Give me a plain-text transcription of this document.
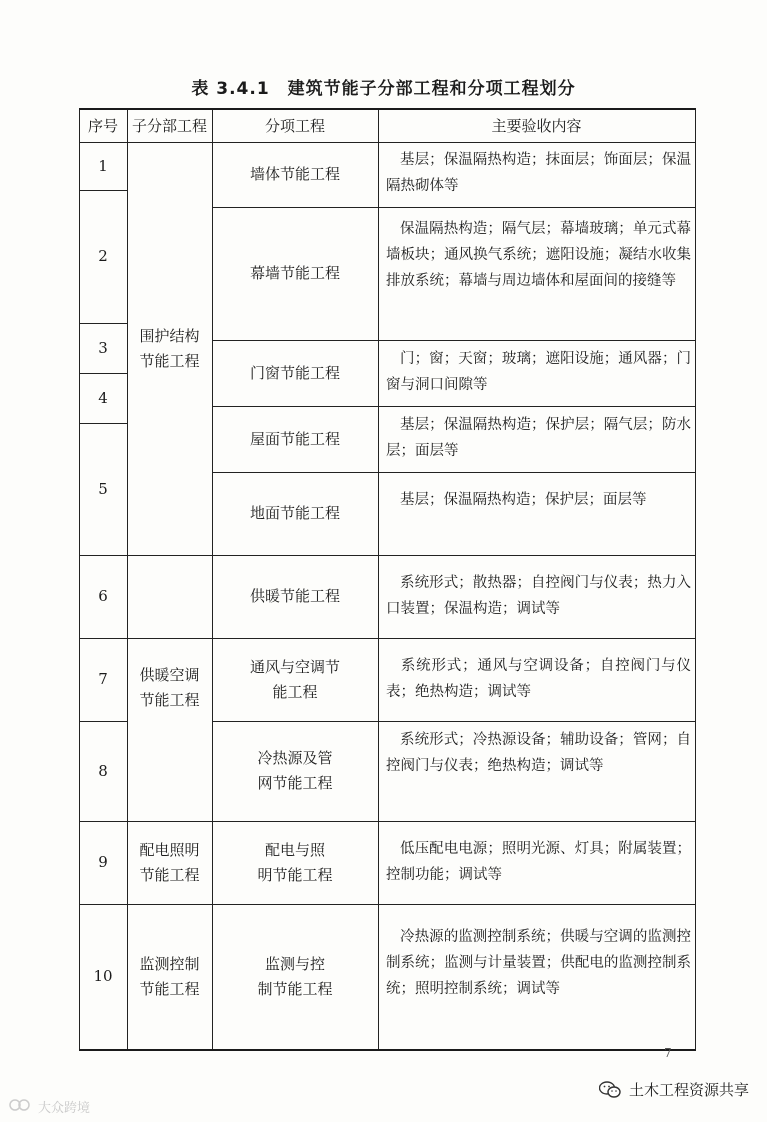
表 3.4.1　建筑节能子分部工程和分项工程划分
序号 子分部工程	分项工程	主要验收内容
1
2
3
4
5
6
7
8
9
10
围护结构
节能工程
供暖空调
节能工程
配电照明
节能工程
监测控制
节能工程
墙体节能工程
幕墙节能工程
门窗节能工程
屋面节能工程
地面节能工程
供暖节能工程
通风与空调节
能工程
冷热源及管
网节能工程
配电与照
明节能工程
监测与控
制节能工程
基层；保温隔热构造；抹面层；饰面层；保温隔热砌体等
保温隔热构造；隔气层；幕墙玻璃；单元式幕墙板块；通风换气系统；遮阳设施；凝结水收集排放系统；幕墙与周边墙体和屋面间的接缝等
门；窗；天窗；玻璃；遮阳设施；通风器；门窗与洞口间隙等
基层；保温隔热构造；保护层；隔气层；防水层；面层等
基层；保温隔热构造；保护层；面层等
系统形式；散热器；自控阀门与仪表；热力入口装置；保温构造；调试等
系统形式；通风与空调设备；自控阀门与仪表；绝热构造；调试等
系统形式；冷热源设备；辅助设备；管网；自控阀门与仪表；绝热构造；调试等
低压配电电源；照明光源、灯具；附属装置；控制功能；调试等
冷热源的监测控制系统；供暖与空调的监测控制系统；监测与计量装置；供配电的监测控制系统；照明控制系统；调试等
7
土木工程资源共享
大众跨境
